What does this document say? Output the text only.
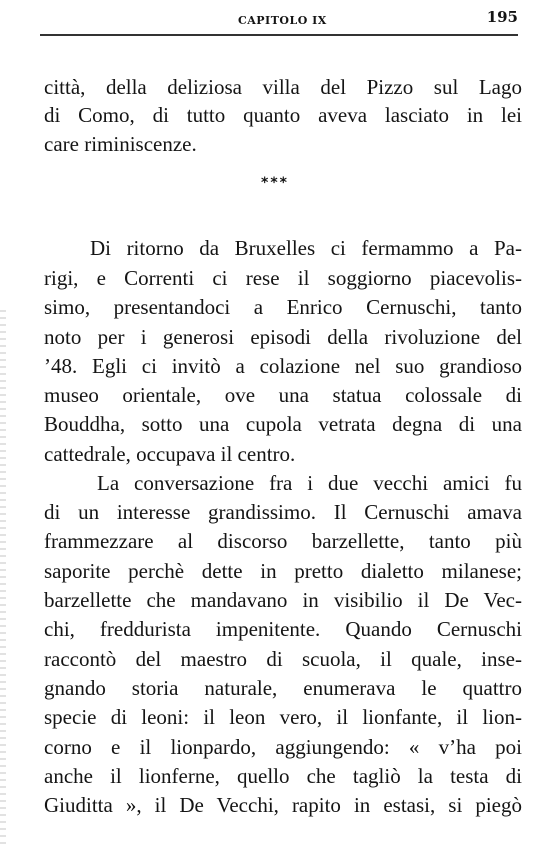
CAPITOLO IX	195
città, della deliziosa villa del Pizzo sul Lago
di Como, di tutto quanto aveva lasciato in lei
care riminiscenze.
***
Di ritorno da Bruxelles ci fermammo a Pa-
rigi, e Correnti ci rese il soggiorno piacevolis-
simo, presentandoci a Enrico Cernuschi, tanto
noto per i generosi episodi della rivoluzione del
’48. Egli ci invitò a colazione nel suo grandioso
museo orientale, ove una statua colossale di
Bouddha, sotto una cupola vetrata degna di una
cattedrale, occupava il centro.
La conversazione fra i due vecchi amici fu
di un interesse grandissimo. Il Cernuschi amava
frammezzare al discorso barzellette, tanto più
saporite perchè dette in pretto dialetto milanese;
barzellette che mandavano in visibilio il De Vec-
chi, freddurista impenitente. Quando Cernuschi
raccontò del maestro di scuola, il quale, inse-
gnando storia naturale, enumerava le quattro
specie di leoni: il leon vero, il lionfante, il lion-
corno e il lionpardo, aggiungendo: « v’ha poi
anche il lionferne, quello che tagliò la testa di
Giuditta », il De Vecchi, rapito in estasi, si piegò
